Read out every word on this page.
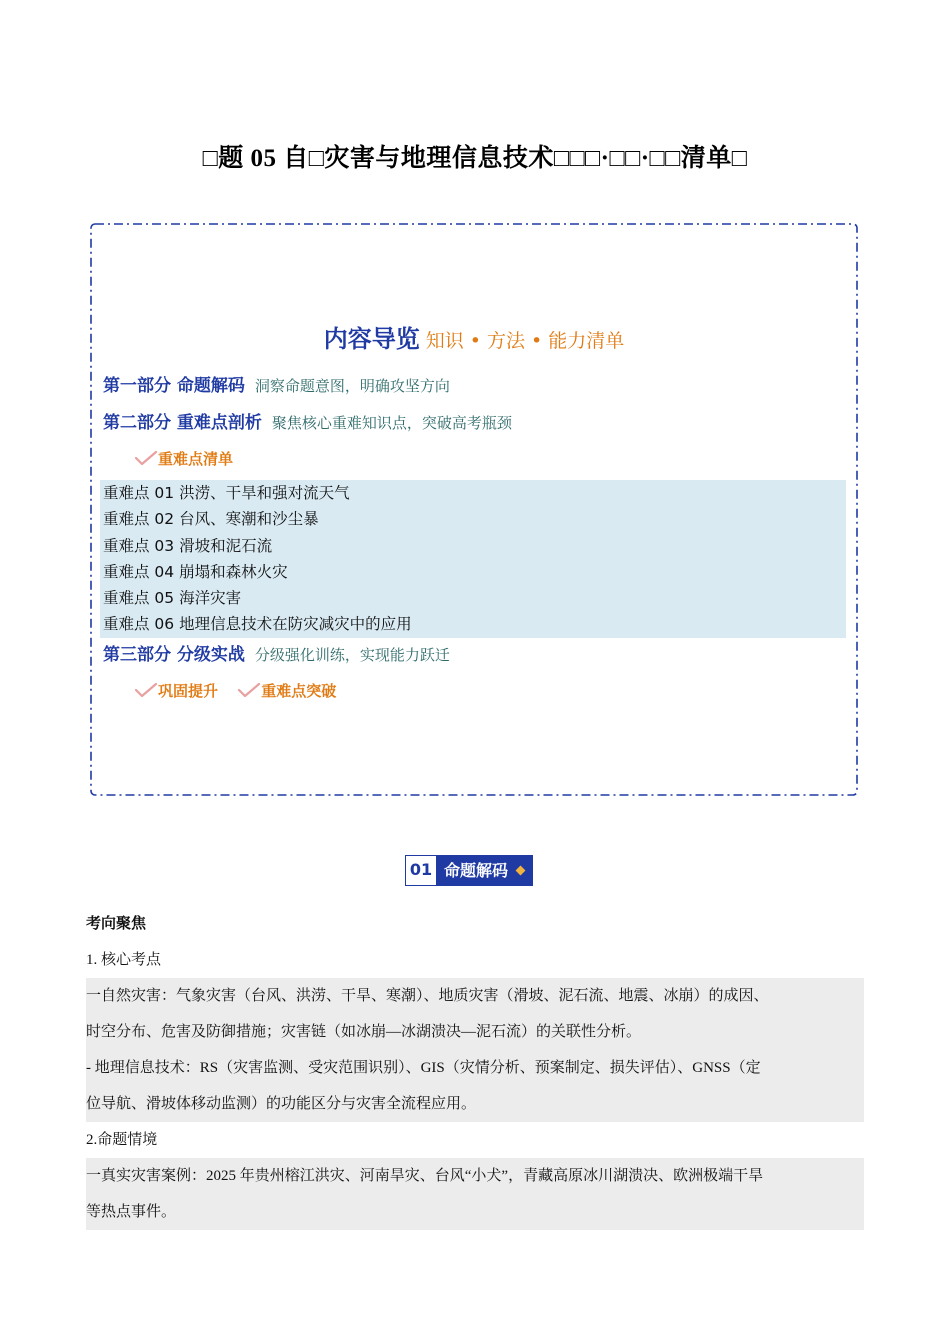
□题 05 自□灾害与地理信息技术□□□·□□·□□清单□
内容导览 知识 • 方法 • 能力清单
第一部分 命题解码 洞察命题意图，明确攻坚方向
第二部分 重难点剖析 聚焦核心重难知识点，突破高考瓶颈
重难点清单
重难点 01 洪涝、干旱和强对流天气
重难点 02 台风、寒潮和沙尘暴
重难点 03 滑坡和泥石流
重难点 04 崩塌和森林火灾
重难点 05 海洋灾害
重难点 06 地理信息技术在防灾减灾中的应用
第三部分 分级实战 分级强化训练，实现能力跃迁
巩固提升	重难点突破
01 命题解码
考向聚焦
1. 核心考点
一自然灾害：气象灾害（台风、洪涝、干旱、寒潮）、地质灾害（滑坡、泥石流、地震、冰崩）的成因、
时空分布、危害及防御措施；灾害链（如冰崩—冰湖溃决—泥石流）的关联性分析。
- 地理信息技术：RS（灾害监测、受灾范围识别）、GIS（灾情分析、预案制定、损失评估）、GNSS（定
位导航、滑坡体移动监测）的功能区分与灾害全流程应用。
2.命题情境
一真实灾害案例：2025 年贵州榕江洪灾、河南旱灾、台风“小犬”，青藏高原冰川湖溃决、欧洲极端干旱
等热点事件。
